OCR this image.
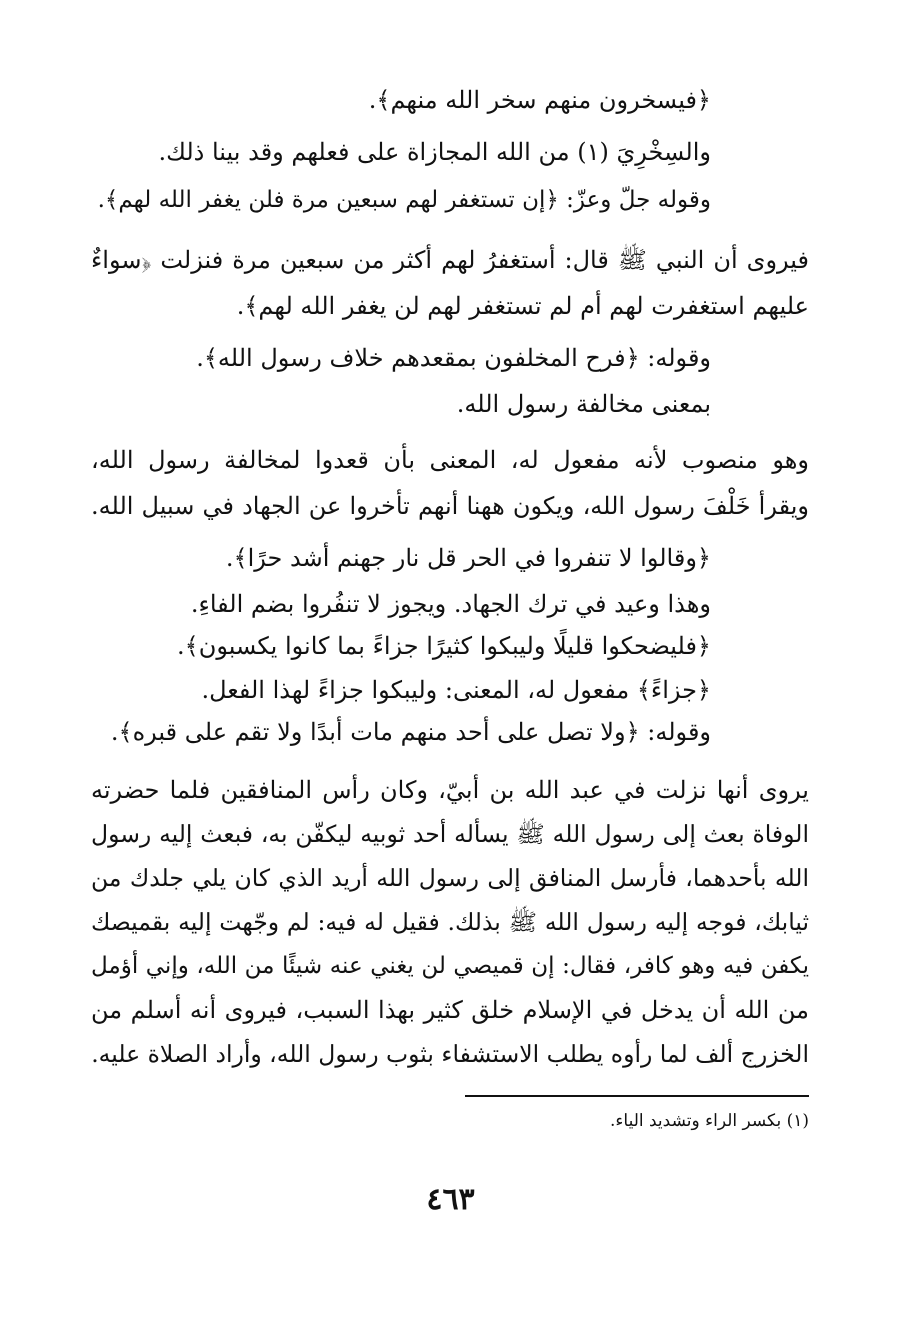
﴿فيسخرون منهم سخر الله منهم﴾.
والسِخْرِيَ (١) من الله المجازاة على فعلهم وقد بينا ذلك.
وقوله جلّ وعزّ: ﴿إن تستغفر لهم سبعين مرة فلن يغفر الله لهم﴾.
فيروى أن النبي ﷺ قال: أستغفرُ لهم أكثر من سبعين مرة فنزلت ﴿سواءٌ
عليهم استغفرت لهم أم لم تستغفر لهم لن يغفر الله لهم﴾.
وقوله: ﴿فرح المخلفون بمقعدهم خلاف رسول الله﴾.
بمعنى مخالفة رسول الله.
وهو منصوب لأنه مفعول له، المعنى بأن قعدوا لمخالفة رسول الله،
ويقرأ خَلْفَ رسول الله، ويكون ههنا أنهم تأخروا عن الجهاد في سبيل الله.
﴿وقالوا لا تنفروا في الحر قل نار جهنم أشد حرًا﴾.
وهذا وعيد في ترك الجهاد. ويجوز لا تنفُروا بضم الفاءِ.
﴿فليضحكوا قليلًا وليبكوا كثيرًا جزاءً بما كانوا يكسبون﴾.
﴿جزاءً﴾ مفعول له، المعنى: وليبكوا جزاءً لهذا الفعل.
وقوله: ﴿ولا تصل على أحد منهم مات أبدًا ولا تقم على قبره﴾.
يروى أنها نزلت في عبد الله بن أبيّ، وكان رأس المنافقين فلما حضرته
الوفاة بعث إلى رسول الله ﷺ يسأله أحد ثوبيه ليكفّن به، فبعث إليه رسول
الله بأحدهما، فأرسل المنافق إلى رسول الله أريد الذي كان يلي جلدك من
ثيابك، فوجه إليه رسول الله ﷺ بذلك. فقيل له فيه: لم وجّهت إليه بقميصك
يكفن فيه وهو كافر، فقال: إن قميصي لن يغني عنه شيئًا من الله، وإني أؤمل
من الله أن يدخل في الإسلام خلق كثير بهذا السبب، فيروى أنه أسلم من
الخزرج ألف لما رأوه يطلب الاستشفاء بثوب رسول الله، وأراد الصلاة عليه.
(١) بكسر الراء وتشديد الياء.
٤٦٣
